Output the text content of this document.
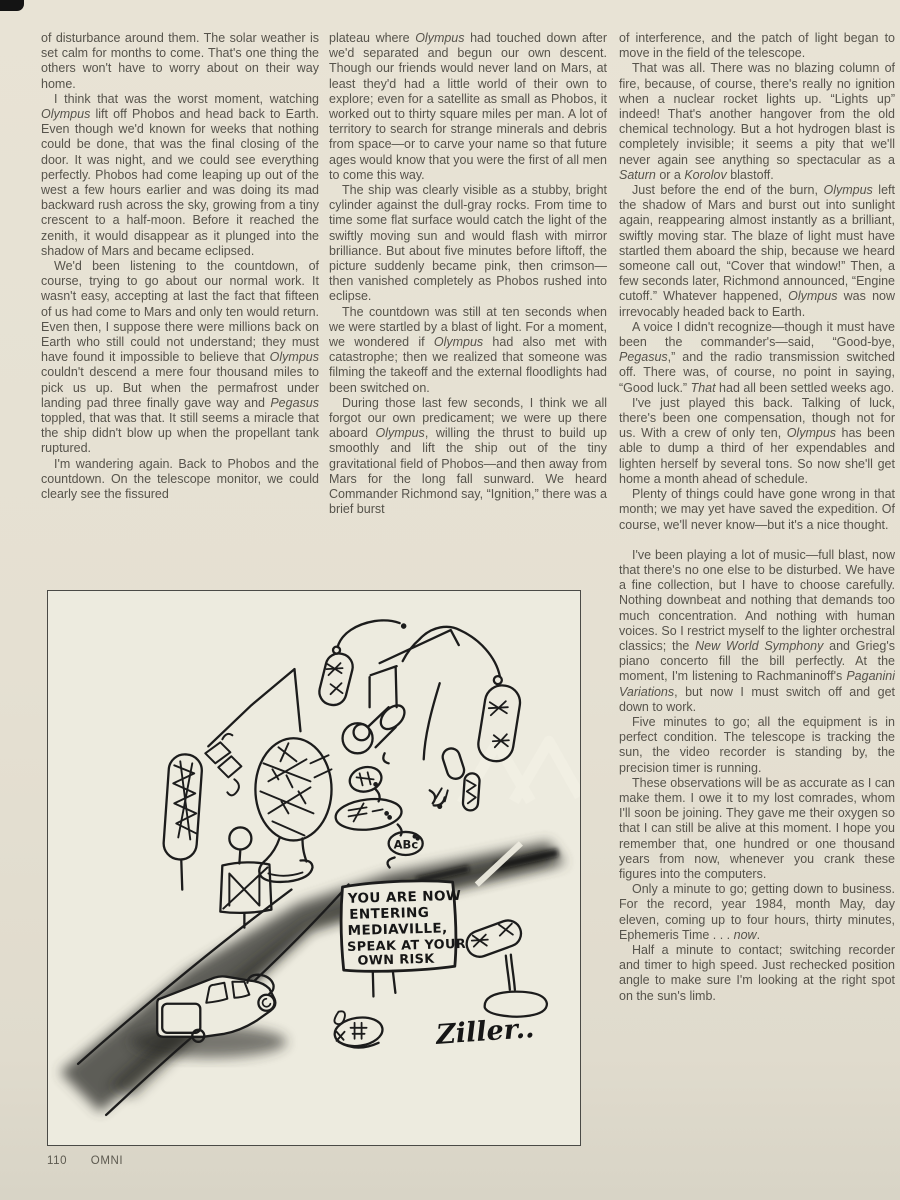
of disturbance around them. The solar weather is set calm for months to come. That's one thing the others won't have to worry about on their way home.

I think that was the worst moment, watching Olympus lift off Phobos and head back to Earth. Even though we'd known for weeks that nothing could be done, that was the final closing of the door. It was night, and we could see everything perfectly. Phobos had come leaping up out of the west a few hours earlier and was doing its mad backward rush across the sky, growing from a tiny crescent to a half-moon. Before it reached the zenith, it would disappear as it plunged into the shadow of Mars and became eclipsed.

We'd been listening to the countdown, of course, trying to go about our normal work. It wasn't easy, accepting at last the fact that fifteen of us had come to Mars and only ten would return. Even then, I suppose there were millions back on Earth who still could not understand; they must have found it impossible to believe that Olympus couldn't descend a mere four thousand miles to pick us up. But when the permafrost under landing pad three finally gave way and Pegasus toppled, that was that. It still seems a miracle that the ship didn't blow up when the propellant tank ruptured.

I'm wandering again. Back to Phobos and the countdown. On the telescope monitor, we could clearly see the fissured

plateau where Olympus had touched down after we'd separated and begun our own descent. Though our friends would never land on Mars, at least they'd had a little world of their own to explore; even for a satellite as small as Phobos, it worked out to thirty square miles per man. A lot of territory to search for strange minerals and debris from space—or to carve your name so that future ages would know that you were the first of all men to come this way.

The ship was clearly visible as a stubby, bright cylinder against the dull-gray rocks. From time to time some flat surface would catch the light of the swiftly moving sun and would flash with mirror brilliance. But about five minutes before liftoff, the picture suddenly became pink, then crimson—then vanished completely as Phobos rushed into eclipse.

The countdown was still at ten seconds when we were startled by a blast of light. For a moment, we wondered if Olympus had also met with catastrophe; then we realized that someone was filming the takeoff and the external floodlights had been switched on.

During those last few seconds, I think we all forgot our own predicament; we were up there aboard Olympus, willing the thrust to build up smoothly and lift the ship out of the tiny gravitational field of Phobos—and then away from Mars for the long fall sunward. We heard Commander Richmond say, “Ignition,” there was a brief burst

of interference, and the patch of light began to move in the field of the telescope.

That was all. There was no blazing column of fire, because, of course, there's really no ignition when a nuclear rocket lights up. “Lights up” indeed! That's another hangover from the old chemical technology. But a hot hydrogen blast is completely invisible; it seems a pity that we'll never again see anything so spectacular as a Saturn or a Korolov blastoff.

Just before the end of the burn, Olympus left the shadow of Mars and burst out into sunlight again, reappearing almost instantly as a brilliant, swiftly moving star. The blaze of light must have startled them aboard the ship, because we heard someone call out, “Cover that window!” Then, a few seconds later, Richmond announced, “Engine cutoff.” Whatever happened, Olympus was now irrevocably headed back to Earth.

A voice I didn't recognize—though it must have been the commander's—said, “Good-bye, Pegasus,” and the radio transmission switched off. There was, of course, no point in saying, “Good luck.” That had all been settled weeks ago.

I've just played this back. Talking of luck, there's been one compensation, though not for us. With a crew of only ten, Olympus has been able to dump a third of her expendables and lighten herself by several tons. So now she'll get home a month ahead of schedule.

Plenty of things could have gone wrong in that month; we may yet have saved the expedition. Of course, we'll never know—but it's a nice thought.

I've been playing a lot of music—full blast, now that there's no one else to be disturbed. We have a fine collection, but I have to choose carefully. Nothing downbeat and nothing that demands too much concentration. And nothing with human voices. So I restrict myself to the lighter orchestral classics; the New World Symphony and Grieg's piano concerto fill the bill perfectly. At the moment, I'm listening to Rachmaninoff's Paganini Variations, but now I must switch off and get down to work.

Five minutes to go; all the equipment is in perfect condition. The telescope is tracking the sun, the video recorder is standing by, the precision timer is running.

These observations will be as accurate as I can make them. I owe it to my lost comrades, whom I'll soon be joining. They gave me their oxygen so that I can still be alive at this moment. I hope you remember that, one hundred or one thousand years from now, whenever you crank these figures into the computers.

Only a minute to go; getting down to business. For the record, year 1984, month May, day eleven, coming up to four hours, thirty minutes, Ephemeris Time . . . now.

Half a minute to contact; switching recorder and timer to high speed. Just rechecked position angle to make sure I'm looking at the right spot on the sun's limb.

YOU ARE NOW
ENTERING
MEDIAVILLE,
SPEAK AT YOUR
OWN RISK
ABc
Ziller..
110 OMNI
